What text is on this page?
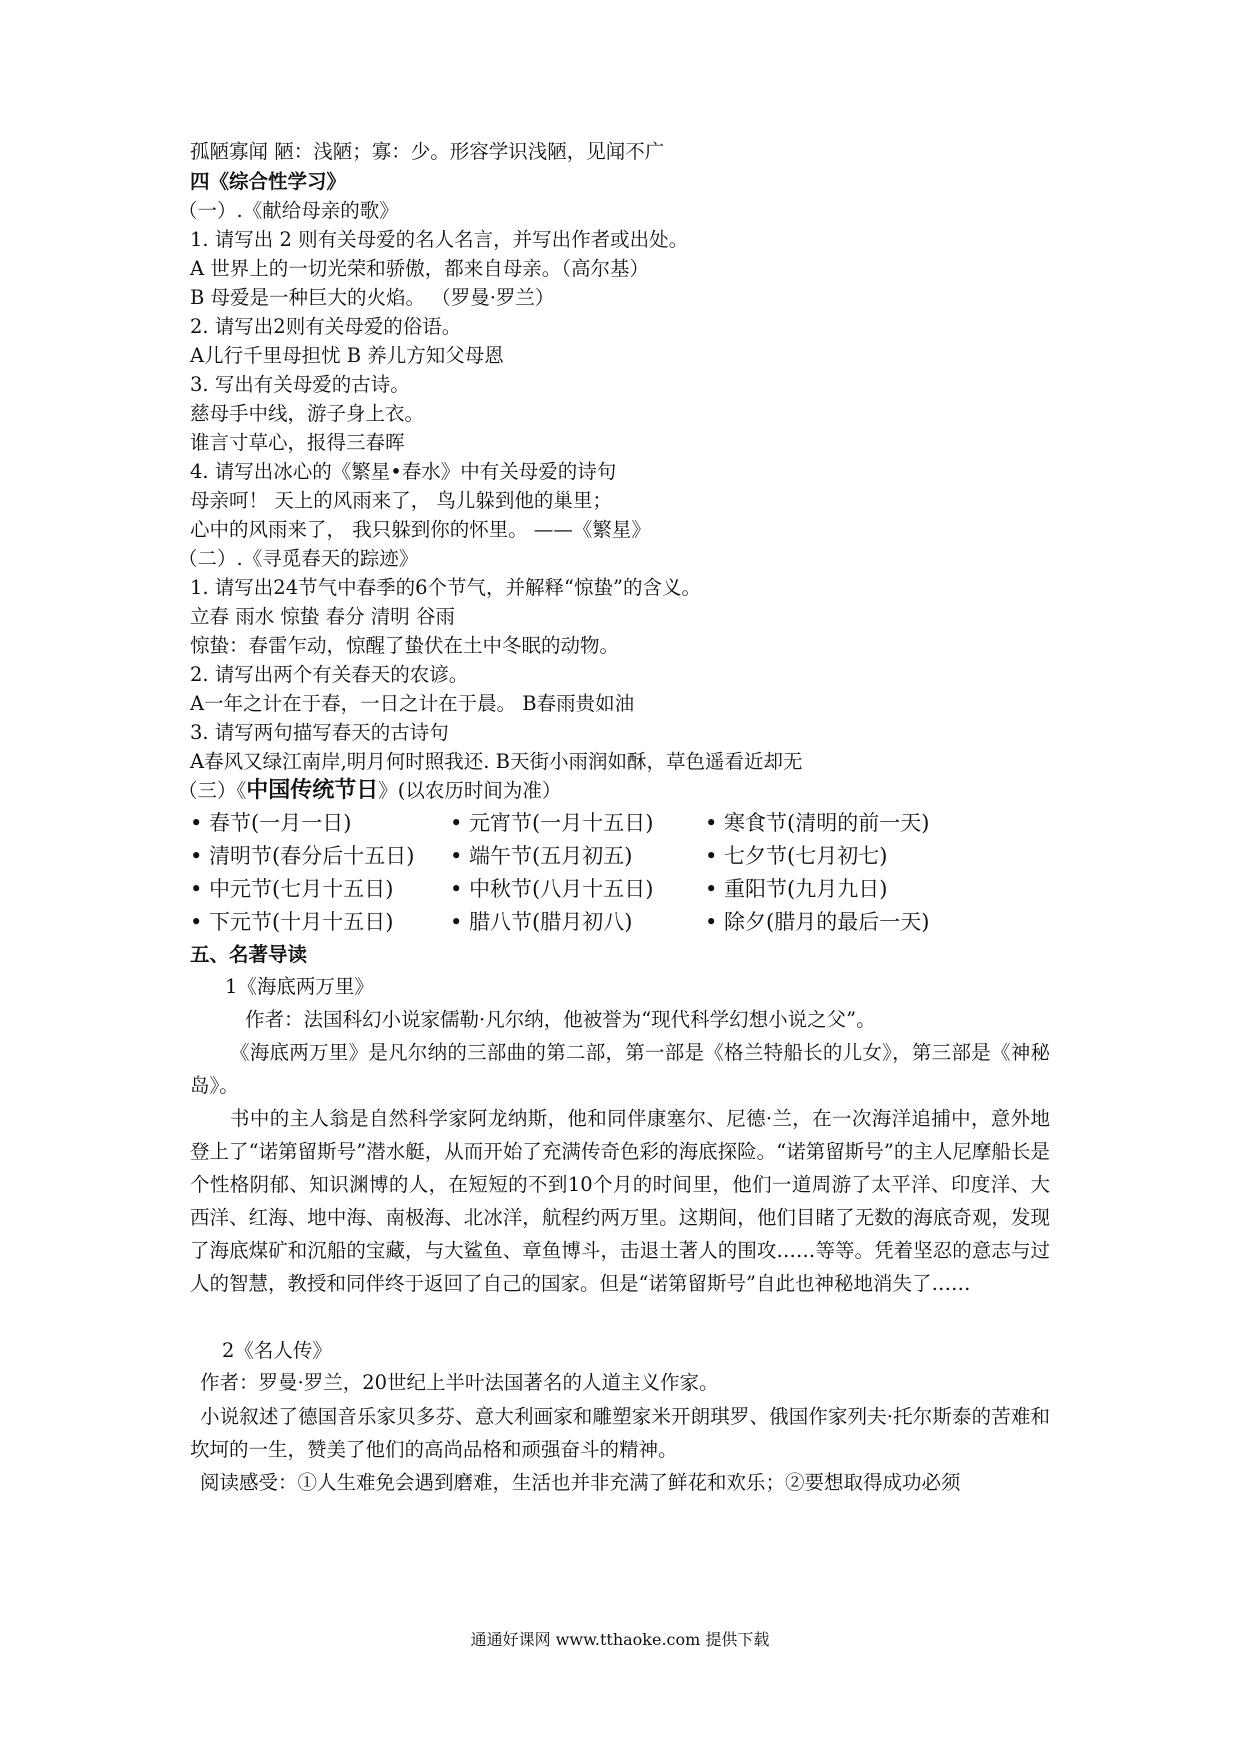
孤陋寡闻 陋：浅陋；寡：少。形容学识浅陋，见闻不广
四《综合性学习》
（一）.《献给母亲的歌》
1. 请写出 2 则有关母爱的名人名言，并写出作者或出处。
A 世界上的一切光荣和骄傲，都来自母亲。（高尔基）
B 母爱是一种巨大的火焰。 （罗曼·罗兰）
2. 请写出2则有关母爱的俗语。
A儿行千里母担忧 B 养儿方知父母恩
3. 写出有关母爱的古诗。
慈母手中线，游子身上衣。
谁言寸草心，报得三春晖
4. 请写出冰心的《繁星•春水》中有关母爱的诗句
母亲呵！ 天上的风雨来了， 鸟儿躲到他的巢里；
心中的风雨来了， 我只躲到你的怀里。 ——《繁星》
（二）.《寻觅春天的踪迹》
1. 请写出24节气中春季的6个节气，并解释“惊蛰”的含义。
立春 雨水 惊蛰 春分 清明 谷雨
惊蛰：春雷乍动，惊醒了蛰伏在土中冬眠的动物。
2. 请写出两个有关春天的农谚。
A一年之计在于春，一日之计在于晨。 B春雨贵如油
3. 请写两句描写春天的古诗句
A春风又绿江南岸,明月何时照我还. B天街小雨润如酥，草色遥看近却无
（三）《中国传统节日》(以农历时间为准）
• 春节(一月一日)	• 元宵节(一月十五日) • 寒食节(清明的前一天)
• 清明节(春分后十五日) • 端午节(五月初五)	• 七夕节(七月初七)
• 中元节(七月十五日)	• 中秋节(八月十五日) • 重阳节(九月九日)
• 下元节(十月十五日)	• 腊八节(腊月初八)	• 除夕(腊月的最后一天)
五、名著导读
1《海底两万里》
作者：法国科幻小说家儒勒·凡尔纳，他被誉为“现代科学幻想小说之父”。
《海底两万里》是凡尔纳的三部曲的第二部，第一部是《格兰特船长的儿女》，第三部是《神秘岛》。
书中的主人翁是自然科学家阿龙纳斯，他和同伴康塞尔、尼德·兰，在一次海洋追捕中，意外地登上了“诺第留斯号”潜水艇，从而开始了充满传奇色彩的海底探险。“诺第留斯号”的主人尼摩船长是个性格阴郁、知识渊博的人，在短短的不到10个月的时间里，他们一道周游了太平洋、印度洋、大西洋、红海、地中海、南极海、北冰洋，航程约两万里。这期间，他们目睹了无数的海底奇观，发现了海底煤矿和沉船的宝藏，与大鲨鱼、章鱼博斗，击退土著人的围攻……等等。凭着坚忍的意志与过人的智慧，教授和同伴终于返回了自己的国家。但是“诺第留斯号”自此也神秘地消失了……
2《名人传》
作者：罗曼·罗兰，20世纪上半叶法国著名的人道主义作家。
小说叙述了德国音乐家贝多芬、意大利画家和雕塑家米开朗琪罗、俄国作家列夫·托尔斯泰的苦难和坎坷的一生，赞美了他们的高尚品格和顽强奋斗的精神。
阅读感受：①人生难免会遇到磨难，生活也并非充满了鲜花和欢乐；②要想取得成功必须
通通好课网 www.tthaoke.com 提供下载
